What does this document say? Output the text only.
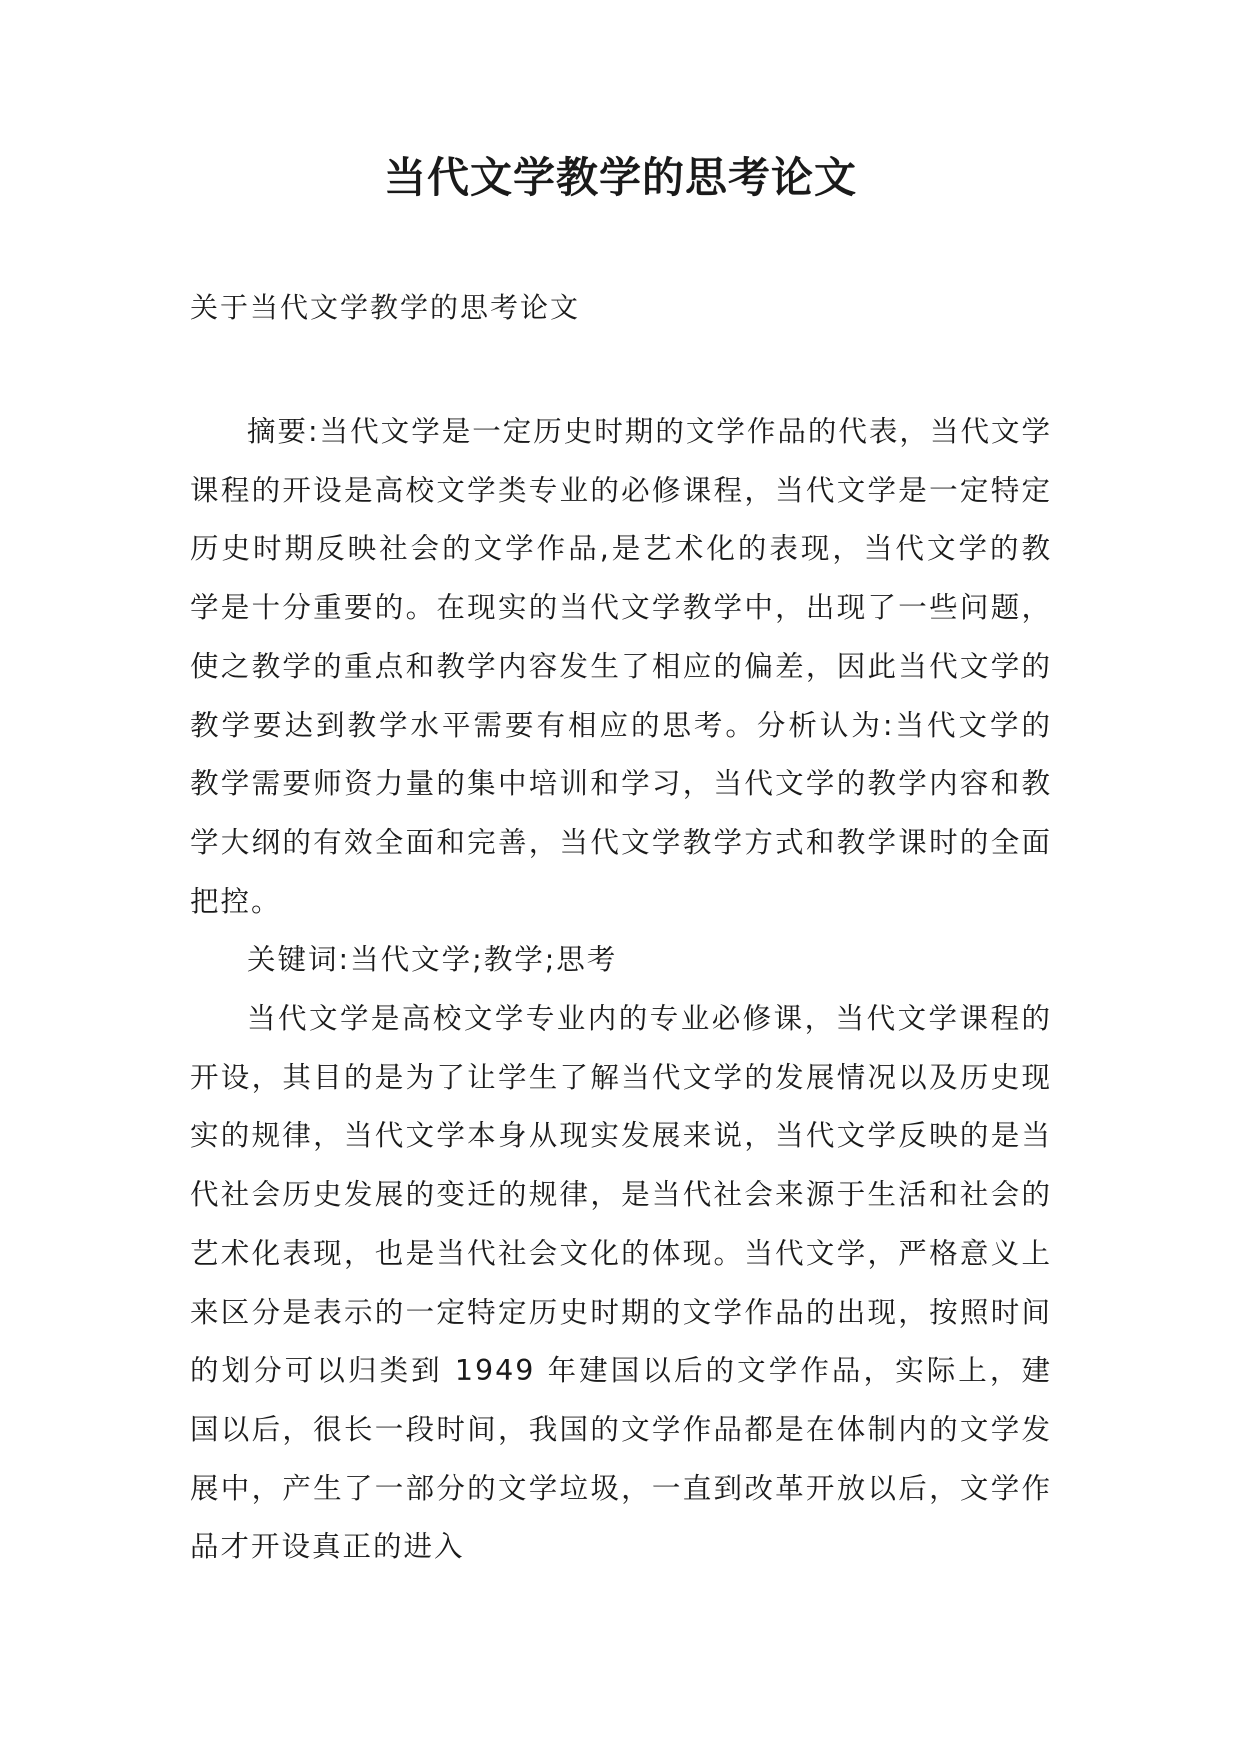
当代文学教学的思考论文

关于当代文学教学的思考论文

摘要:当代文学是一定历史时期的文学作品的代表，当代文学课程的开设是高校文学类专业的必修课程，当代文学是一定特定历史时期反映社会的文学作品,是艺术化的表现，当代文学的教学是十分重要的。在现实的当代文学教学中，出现了一些问题，使之教学的重点和教学内容发生了相应的偏差，因此当代文学的教学要达到教学水平需要有相应的思考。分析认为:当代文学的教学需要师资力量的集中培训和学习，当代文学的教学内容和教学大纲的有效全面和完善，当代文学教学方式和教学课时的全面把控。

关键词:当代文学;教学;思考

当代文学是高校文学专业内的专业必修课，当代文学课程的开设，其目的是为了让学生了解当代文学的发展情况以及历史现实的规律，当代文学本身从现实发展来说，当代文学反映的是当代社会历史发展的变迁的规律，是当代社会来源于生活和社会的艺术化表现，也是当代社会文化的体现。当代文学，严格意义上来区分是表示的一定特定历史时期的文学作品的出现，按照时间的划分可以归类到 1949 年建国以后的文学作品，实际上，建国以后，很长一段时间，我国的文学作品都是在体制内的文学发展中，产生了一部分的文学垃圾，一直到改革开放以后，文学作品才开设真正的进入
